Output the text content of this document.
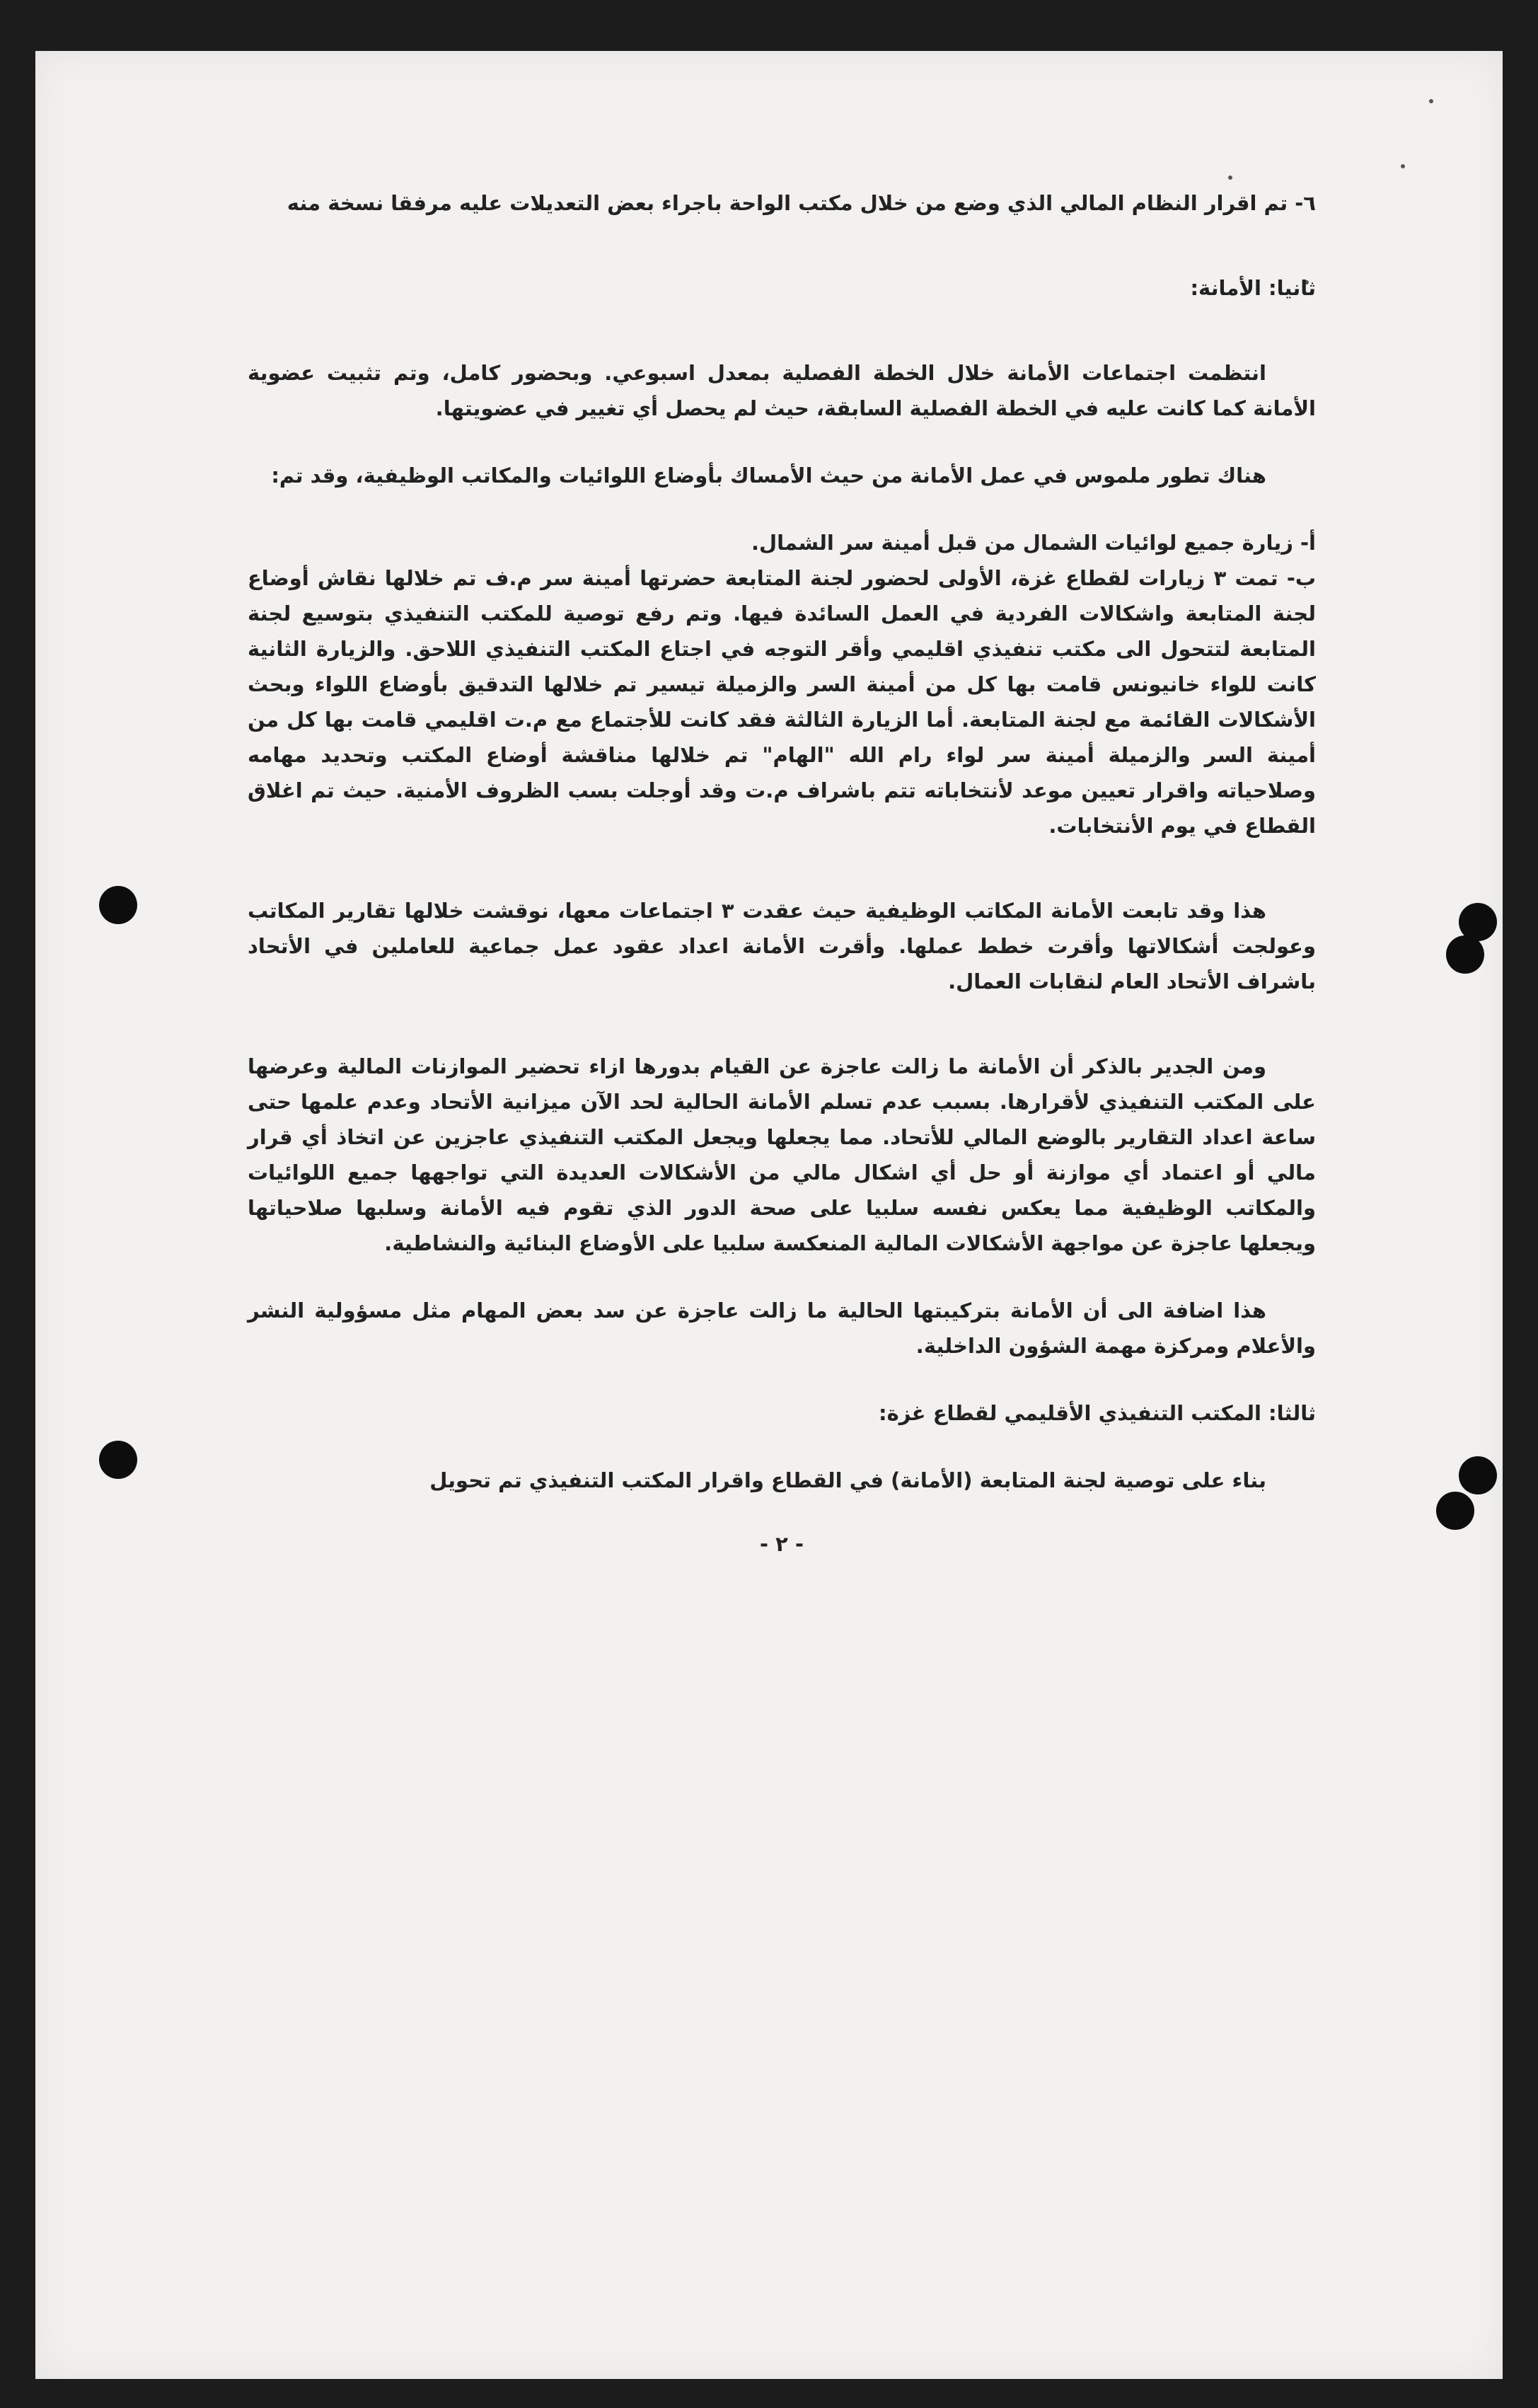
٦- تم اقرار النظام المالي الذي وضع من خلال مكتب الواحة باجراء بعض التعديلات عليه مرفقا نسخة منه

ثانيا: الأمانة:

انتظمت اجتماعات الأمانة خلال الخطة الفصلية بمعدل اسبوعي. وبحضور كامل، وتم تثبيت عضوية الأمانة كما كانت عليه في الخطة الفصلية السابقة، حيث لم يحصل أي تغيير في عضويتها.

هناك تطور ملموس في عمل الأمانة من حيث الأمساك بأوضاع اللوائيات والمكاتب الوظيفية، وقد تم:

أ- زيارة جميع لوائيات الشمال من قبل أمينة سر الشمال.

ب- تمت ٣ زيارات لقطاع غزة، الأولى لحضور لجنة المتابعة حضرتها أمينة سر م.ف تم خلالها نقاش أوضاع لجنة المتابعة واشكالات الفردية في العمل السائدة فيها. وتم رفع توصية للمكتب التنفيذي بتوسيع لجنة المتابعة لتتحول الى مكتب تنفيذي اقليمي وأقر التوجه في اجتاع المكتب التنفيذي اللاحق. والزيارة الثانية كانت للواء خانيونس قامت بها كل من أمينة السر والزميلة تيسير تم خلالها التدقيق بأوضاع اللواء وبحث الأشكالات القائمة مع لجنة المتابعة. أما الزيارة الثالثة فقد كانت للأجتماع مع م.ت اقليمي قامت بها كل من أمينة السر والزميلة أمينة سر لواء رام الله "الهام" تم خلالها مناقشة أوضاع المكتب وتحديد مهامه وصلاحياته واقرار تعيين موعد لأنتخاباته تتم باشراف م.ت وقد أوجلت بسب الظروف الأمنية. حيث تم اغلاق القطاع في يوم الأنتخابات.

هذا وقد تابعت الأمانة المكاتب الوظيفية حيث عقدت ٣ اجتماعات معها، نوقشت خلالها تقارير المكاتب وعولجت أشكالاتها وأقرت خطط عملها. وأقرت الأمانة اعداد عقود عمل جماعية للعاملين في الأتحاد باشراف الأتحاد العام لنقابات العمال.

ومن الجدير بالذكر أن الأمانة ما زالت عاجزة عن القيام بدورها ازاء تحضير الموازنات المالية وعرضها على المكتب التنفيذي لأقرارها. بسبب عدم تسلم الأمانة الحالية لحد الآن ميزانية الأتحاد وعدم علمها حتى ساعة اعداد التقارير بالوضع المالي للأتحاد. مما يجعلها ويجعل المكتب التنفيذي عاجزين عن اتخاذ أي قرار مالي أو اعتماد أي موازنة أو حل أي اشكال مالي من الأشكالات العديدة التي تواجهها جميع اللوائيات والمكاتب الوظيفية مما يعكس نفسه سلبيا على صحة الدور الذي تقوم فيه الأمانة وسلبها صلاحياتها ويجعلها عاجزة عن مواجهة الأشكالات المالية المنعكسة سلبيا على الأوضاع البنائية والنشاطية.

هذا اضافة الى أن الأمانة بتركيبتها الحالية ما زالت عاجزة عن سد بعض المهام مثل مسؤولية النشر والأعلام ومركزة مهمة الشؤون الداخلية.

ثالثا: المكتب التنفيذي الأقليمي لقطاع غزة:

بناء على توصية لجنة المتابعة (الأمانة) في القطاع واقرار المكتب التنفيذي تم تحويل

- ٢ -
